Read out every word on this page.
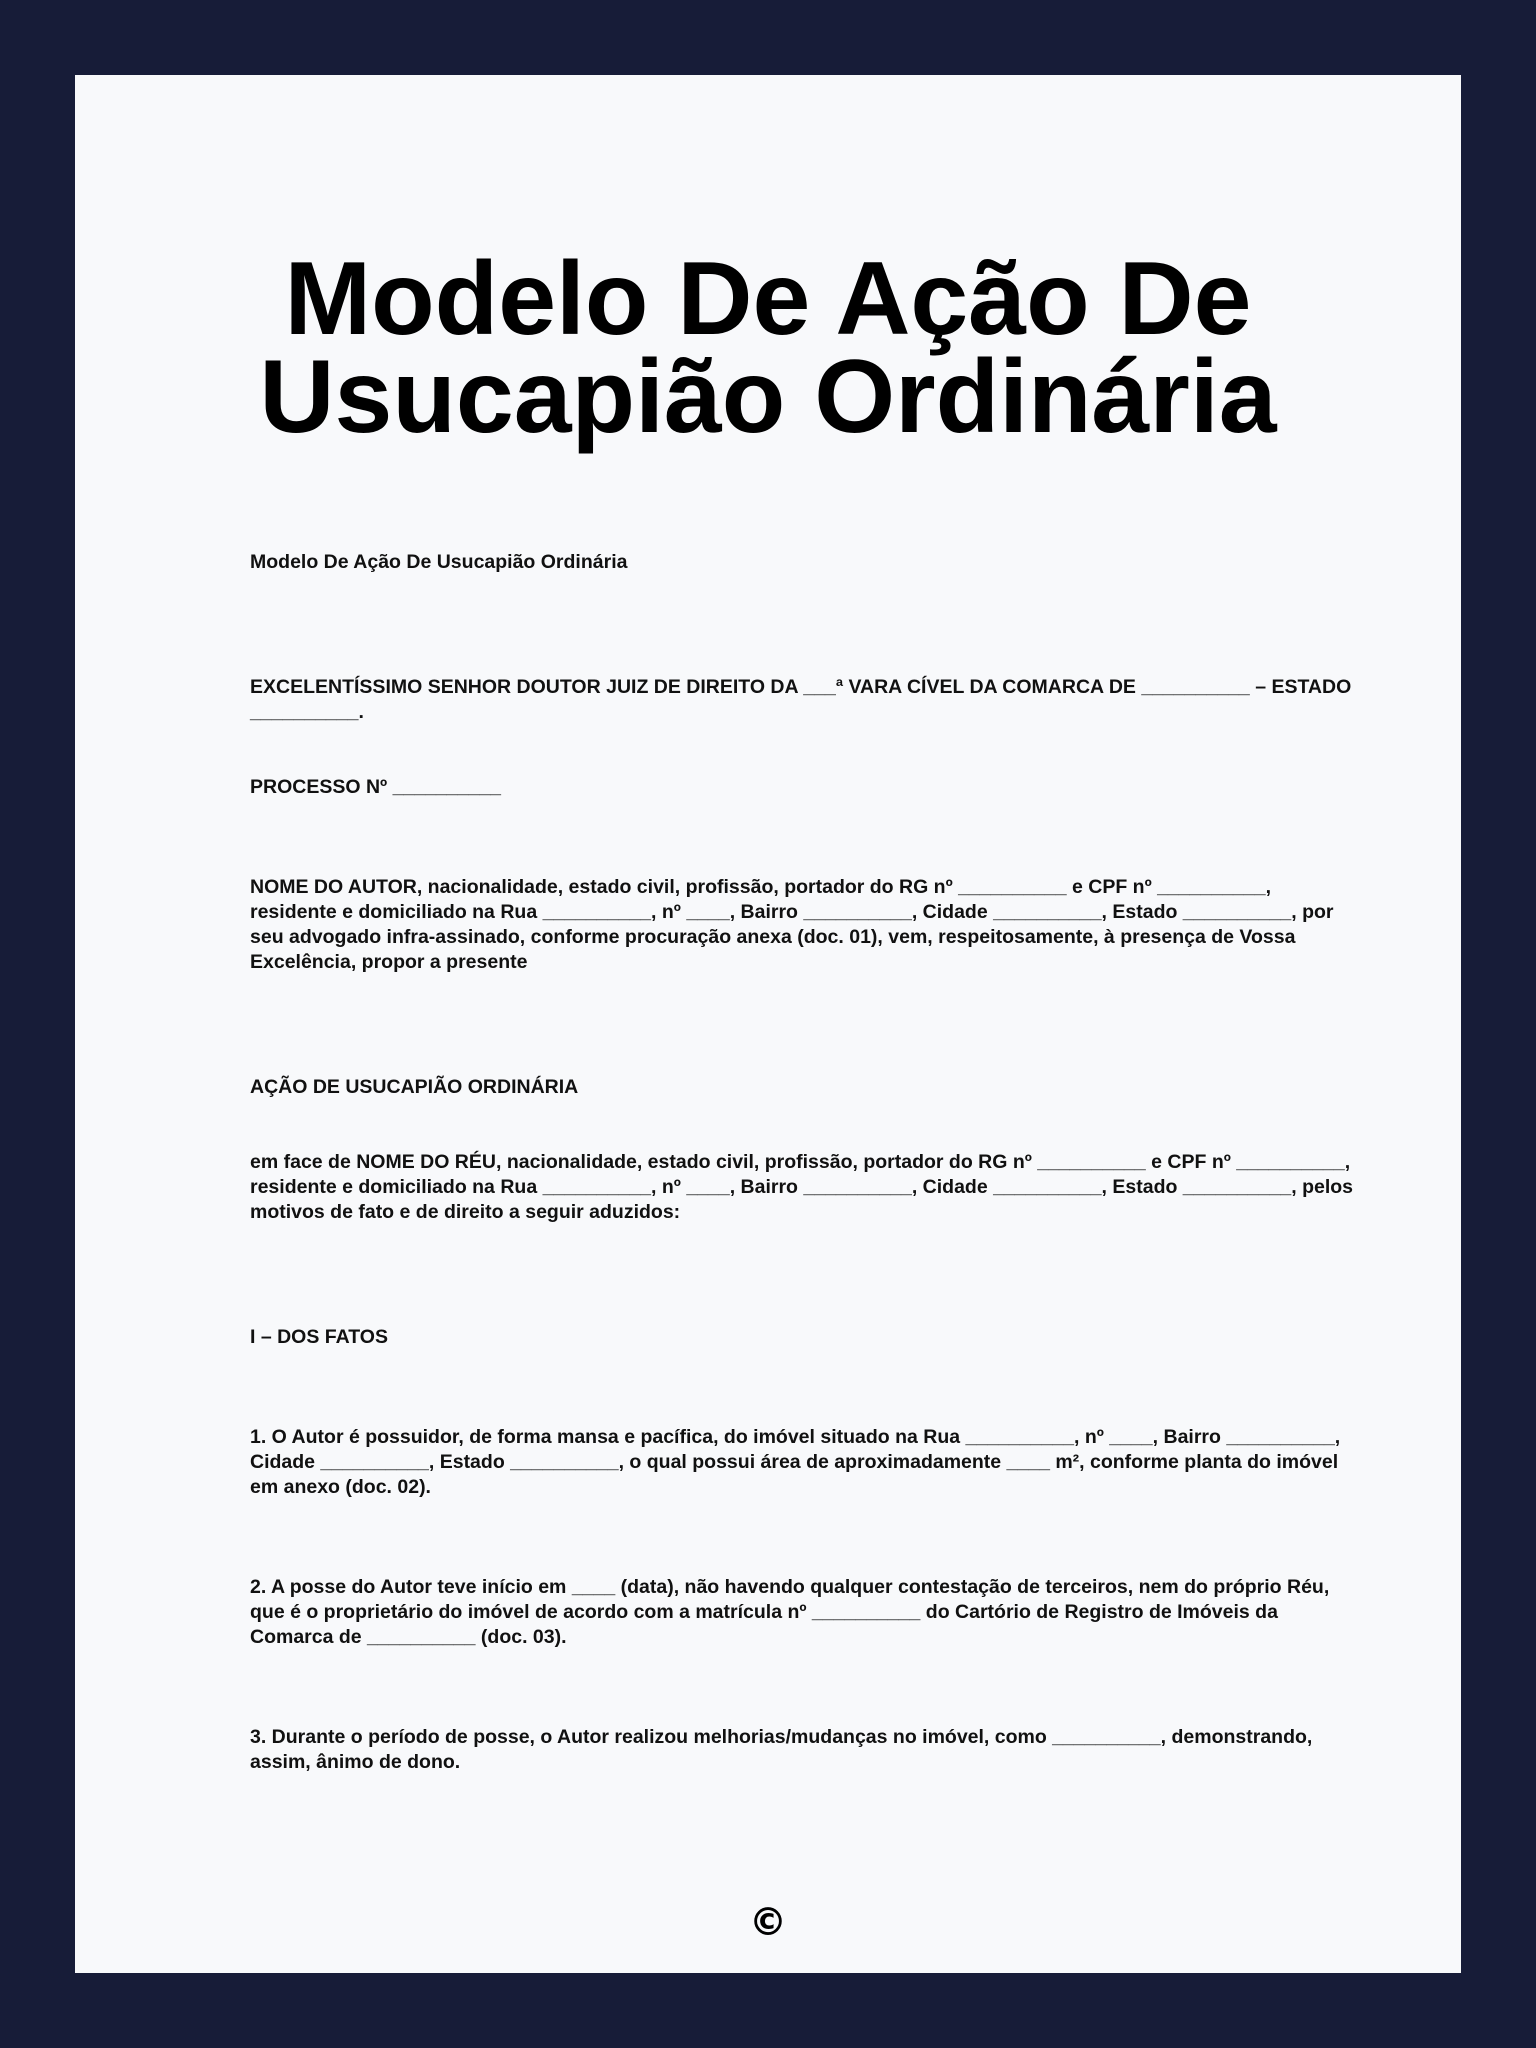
Modelo De Ação De
Usucapião Ordinária

Modelo De Ação De Usucapião Ordinária

EXCELENTÍSSIMO SENHOR DOUTOR JUIZ DE DIREITO DA ___ª VARA CÍVEL DA COMARCA DE __________ – ESTADO __________.

PROCESSO Nº __________

NOME DO AUTOR, nacionalidade, estado civil, profissão, portador do RG nº __________ e CPF nº __________, residente e domiciliado na Rua __________, nº ____, Bairro __________, Cidade __________, Estado __________, por seu advogado infra-assinado, conforme procuração anexa (doc. 01), vem, respeitosamente, à presença de Vossa Excelência, propor a presente

AÇÃO DE USUCAPIÃO ORDINÁRIA

em face de NOME DO RÉU, nacionalidade, estado civil, profissão, portador do RG nº __________ e CPF nº __________, residente e domiciliado na Rua __________, nº ____, Bairro __________, Cidade __________, Estado __________, pelos motivos de fato e de direito a seguir aduzidos:

I – DOS FATOS

1. O Autor é possuidor, de forma mansa e pacífica, do imóvel situado na Rua __________, nº ____, Bairro __________, Cidade __________, Estado __________, o qual possui área de aproximadamente ____ m², conforme planta do imóvel em anexo (doc. 02).

2. A posse do Autor teve início em ____ (data), não havendo qualquer contestação de terceiros, nem do próprio Réu, que é o proprietário do imóvel de acordo com a matrícula nº __________ do Cartório de Registro de Imóveis da Comarca de __________ (doc. 03).

3. Durante o período de posse, o Autor realizou melhorias/mudanças no imóvel, como __________, demonstrando, assim, ânimo de dono.

©
